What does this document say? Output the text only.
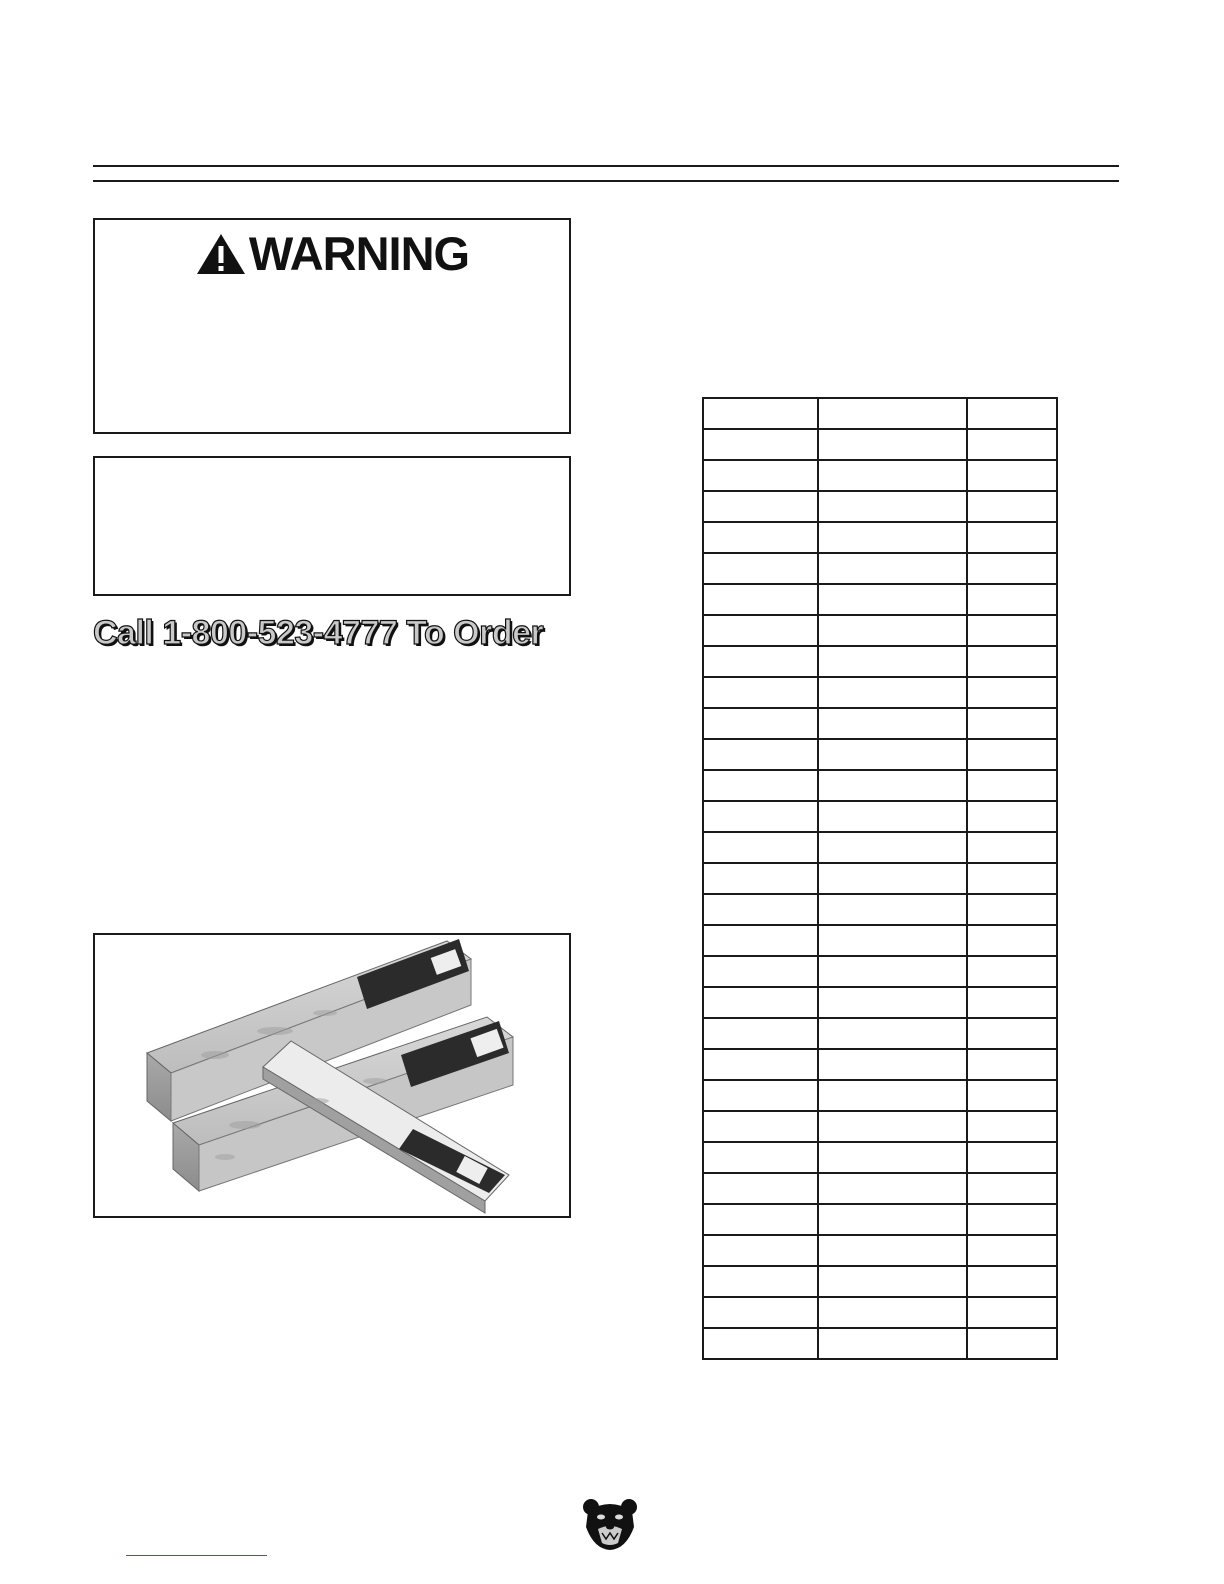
WARNING
Call 1-800-523-4777 To Order
